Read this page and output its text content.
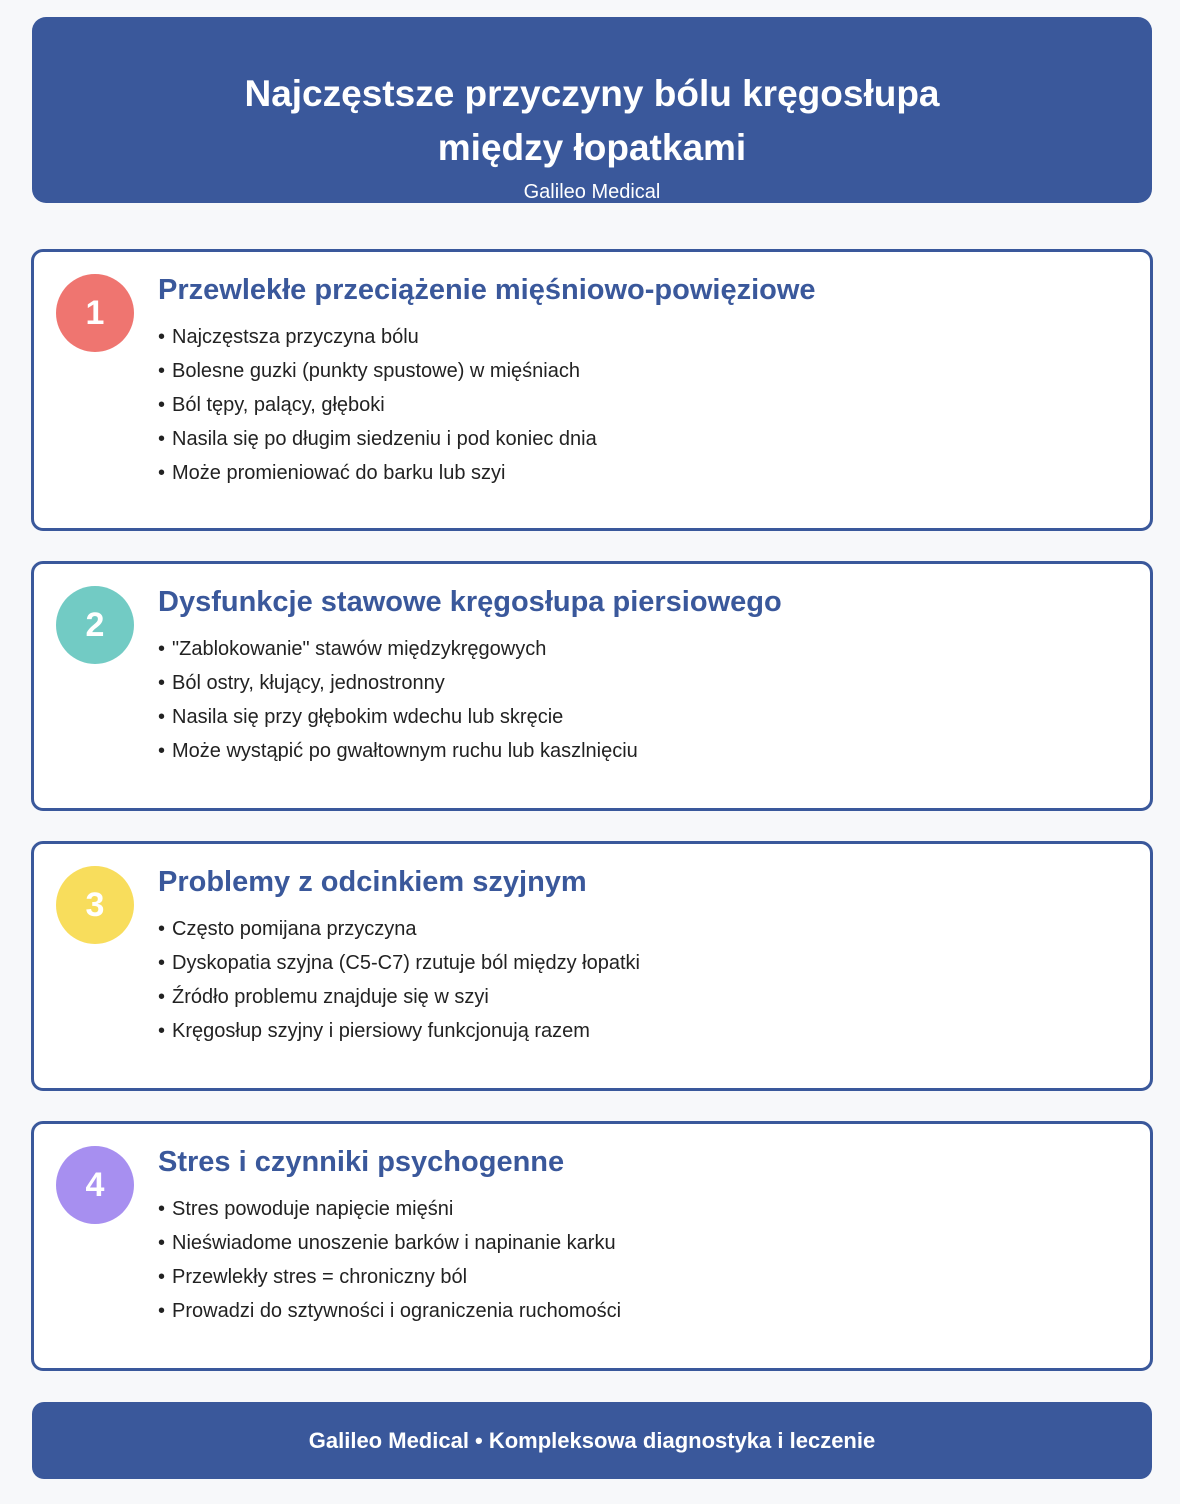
Najczęstsze przyczyny bólu kręgosłupa
między łopatkami
Galileo Medical
1
Przewlekłe przeciążenie mięśniowo-powięziowe
• Najczęstsza przyczyna bólu
• Bolesne guzki (punkty spustowe) w mięśniach
• Ból tępy, palący, głęboki
• Nasila się po długim siedzeniu i pod koniec dnia
• Może promieniować do barku lub szyi
2
Dysfunkcje stawowe kręgosłupa piersiowego
• "Zablokowanie" stawów międzykręgowych
• Ból ostry, kłujący, jednostronny
• Nasila się przy głębokim wdechu lub skręcie
• Może wystąpić po gwałtownym ruchu lub kaszlnięciu
3
Problemy z odcinkiem szyjnym
• Często pomijana przyczyna
• Dyskopatia szyjna (C5-C7) rzutuje ból między łopatki
• Źródło problemu znajduje się w szyi
• Kręgosłup szyjny i piersiowy funkcjonują razem
4
Stres i czynniki psychogenne
• Stres powoduje napięcie mięśni
• Nieświadome unoszenie barków i napinanie karku
• Przewlekły stres = chroniczny ból
• Prowadzi do sztywności i ograniczenia ruchomości
Galileo Medical • Kompleksowa diagnostyka i leczenie
